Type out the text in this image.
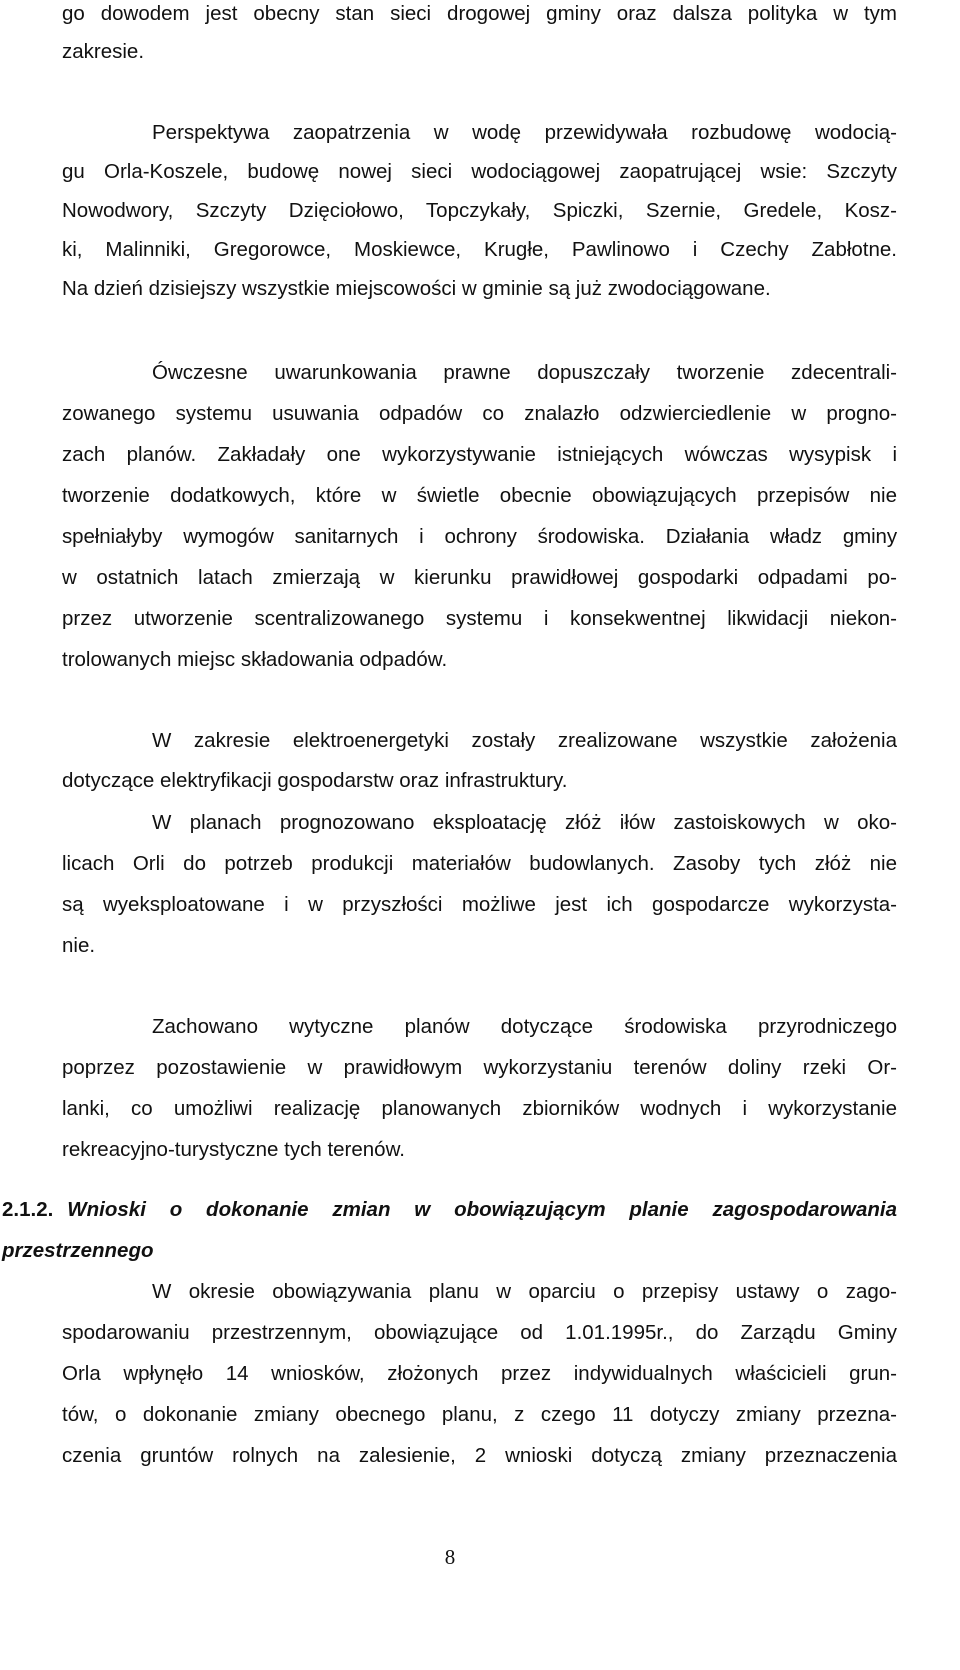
go dowodem jest obecny stan sieci drogowej gminy oraz dalsza polityka w tym
zakresie.
Perspektywa zaopatrzenia w wodę przewidywała rozbudowę wodocią-
gu Orla-Koszele, budowę nowej sieci wodociągowej zaopatrującej wsie: Szczyty
Nowodwory, Szczyty Dzięciołowo, Topczykały, Spiczki, Szernie, Gredele, Kosz-
ki, Malinniki, Gregorowce, Moskiewce, Krugłe, Pawlinowo i Czechy Zabłotne.
Na dzień dzisiejszy wszystkie miejscowości w gminie są już zwodociągowane.
Ówczesne uwarunkowania prawne dopuszczały tworzenie zdecentrali-
zowanego systemu usuwania odpadów co znalazło odzwierciedlenie w progno-
zach planów. Zakładały one wykorzystywanie istniejących wówczas wysypisk i
tworzenie dodatkowych, które w świetle obecnie obowiązujących przepisów nie
spełniałyby wymogów sanitarnych i ochrony środowiska. Działania władz gminy
w ostatnich latach zmierzają w kierunku prawidłowej gospodarki odpadami po-
przez utworzenie scentralizowanego systemu i konsekwentnej likwidacji niekon-
trolowanych miejsc składowania odpadów.
W zakresie elektroenergetyki zostały zrealizowane wszystkie założenia
dotyczące elektryfikacji gospodarstw oraz infrastruktury.
W planach prognozowano eksploatację złóż iłów zastoiskowych w oko-
licach Orli do potrzeb produkcji materiałów budowlanych. Zasoby tych złóż nie
są wyeksploatowane i w przyszłości możliwe jest ich gospodarcze wykorzysta-
nie.
Zachowano wytyczne planów dotyczące środowiska przyrodniczego
poprzez pozostawienie w prawidłowym wykorzystaniu terenów doliny rzeki Or-
lanki, co umożliwi realizację planowanych zbiorników wodnych i wykorzystanie
rekreacyjno-turystyczne tych terenów.
2.1.2. Wnioski o dokonanie zmian w obowiązującym planie zagospodarowania
przestrzennego
W okresie obowiązywania planu w oparciu o przepisy ustawy o zago-
spodarowaniu przestrzennym, obowiązujące od 1.01.1995r., do Zarządu Gminy
Orla wpłynęło 14 wniosków, złożonych przez indywidualnych właścicieli grun-
tów, o dokonanie zmiany obecnego planu, z czego 11 dotyczy zmiany przezna-
czenia gruntów rolnych na zalesienie, 2 wnioski dotyczą zmiany przeznaczenia
8
